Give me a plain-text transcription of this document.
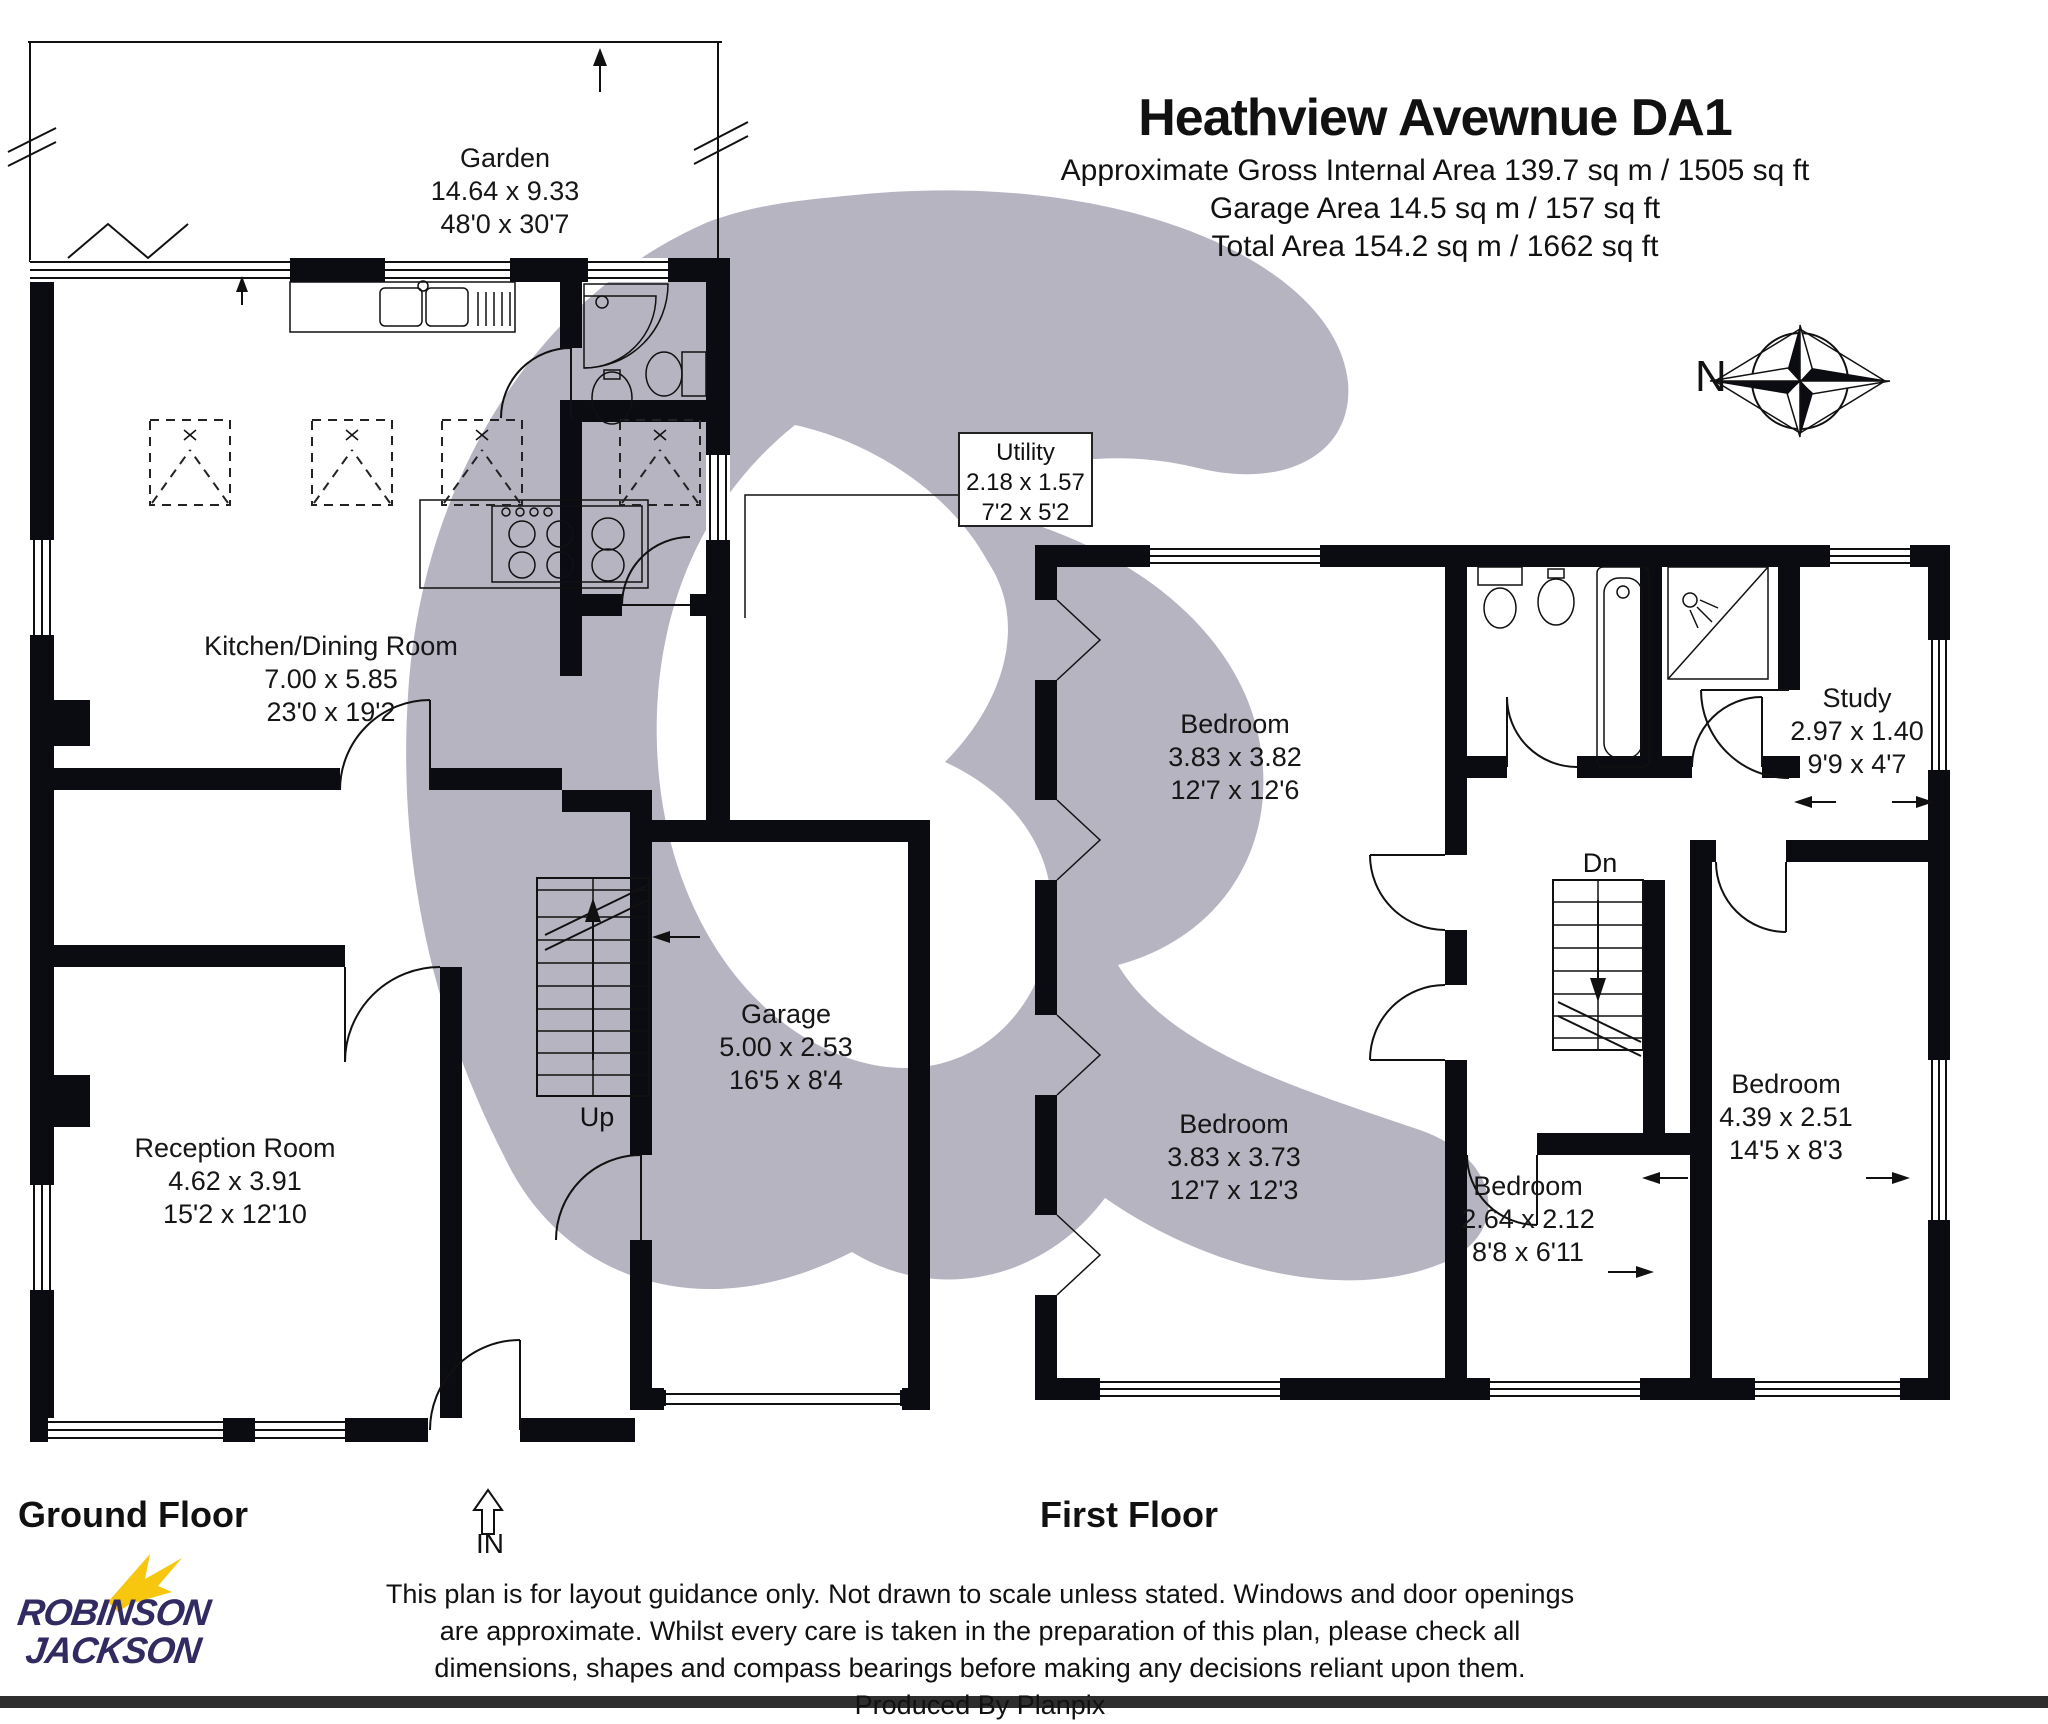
Heathview Avewnue DA1
Approximate Gross Internal Area 139.7 sq m / 1505 sq ft
Garage Area 14.5 sq m / 157 sq ft
Total Area 154.2 sq m / 1662 sq ft
N
Garden
14.64 x 9.33
48'0 x 30'7
Kitchen/Dining Room
7.00 x 5.85
23'0 x 19'2
Utility
2.18 x 1.57
7'2 x 5'2
Garage
5.00 x 2.53
16'5 x 8'4
Reception Room
4.62 x 3.91
15'2 x 12'10
Bedroom
3.83 x 3.82
12'7 x 12'6
Study
2.97 x 1.40
9'9 x 4'7
Bedroom
3.83 x 3.73
12'7 x 12'3	Bedroom
2.64 x 2.12
8'8 x 6'11
Bedroom
4.39 x 2.51
14'5 x 8'3
Up
Dn
IN
Ground Floor	First Floor
ROBINSON
JACKSON
This plan is for layout guidance only. Not drawn to scale unless stated. Windows and door openings
are approximate. Whilst every care is taken in the preparation of this plan, please check all
dimensions, shapes and compass bearings before making any decisions reliant upon them.
Produced By Planpix
